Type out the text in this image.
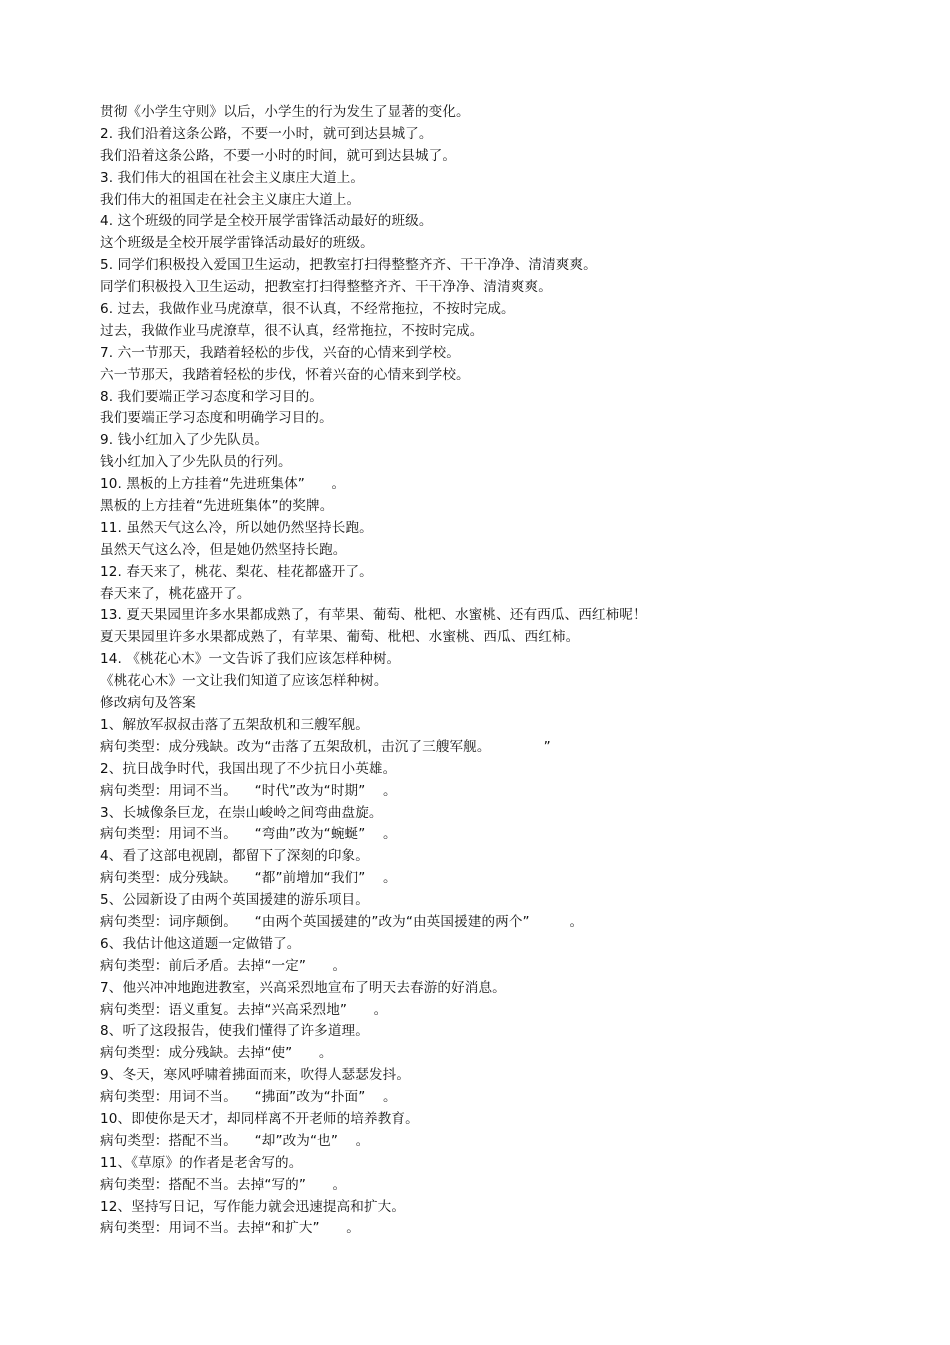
贯彻《小学生守则》以后，小学生的行为发生了显著的变化。
2. 我们沿着这条公路，不要一小时，就可到达县城了。
我们沿着这条公路，不要一小时的时间，就可到达县城了。
3. 我们伟大的祖国在社会主义康庄大道上。
我们伟大的祖国走在社会主义康庄大道上。
4. 这个班级的同学是全校开展学雷锋活动最好的班级。
这个班级是全校开展学雷锋活动最好的班级。
5. 同学们积极投入爱国卫生运动，把教室打扫得整整齐齐、干干净净、清清爽爽。
同学们积极投入卫生运动，把教室打扫得整整齐齐、干干净净、清清爽爽。
6. 过去，我做作业马虎潦草，很不认真，不经常拖拉，不按时完成。
过去，我做作业马虎潦草，很不认真，经常拖拉，不按时完成。
7. 六一节那天，我踏着轻松的步伐，兴奋的心情来到学校。
六一节那天，我踏着轻松的步伐，怀着兴奋的心情来到学校。
8. 我们要端正学习态度和学习目的。
我们要端正学习态度和明确学习目的。
9. 钱小红加入了少先队员。
钱小红加入了少先队员的行列。
10. 黑板的上方挂着“先进班集体”      。
黑板的上方挂着“先进班集体”的奖牌。
11. 虽然天气这么冷，所以她仍然坚持长跑。
虽然天气这么冷，但是她仍然坚持长跑。
12. 春天来了，桃花、梨花、桂花都盛开了。
春天来了，桃花盛开了。
13. 夏天果园里许多水果都成熟了，有苹果、葡萄、枇杷、水蜜桃、还有西瓜、西红柿呢！
夏天果园里许多水果都成熟了，有苹果、葡萄、枇杷、水蜜桃、西瓜、西红柿。
14. 《桃花心木》一文告诉了我们应该怎样种树。
《桃花心木》一文让我们知道了应该怎样种树。
修改病句及答案
1、解放军叔叔击落了五架敌机和三艘军舰。
病句类型：成分残缺。改为“击落了五架敌机，击沉了三艘军舰。            ”
2、抗日战争时代，我国出现了不少抗日小英雄。
病句类型：用词不当。    “时代”改为“时期”    。
3、长城像条巨龙，在崇山峻岭之间弯曲盘旋。
病句类型：用词不当。    “弯曲”改为“蜿蜒”    。
4、看了这部电视剧，都留下了深刻的印象。
病句类型：成分残缺。    “都”前增加“我们”    。
5、公园新设了由两个英国援建的游乐项目。
病句类型：词序颠倒。    “由两个英国援建的”改为“由英国援建的两个”         。
6、我估计他这道题一定做错了。
病句类型：前后矛盾。去掉“一定”      。
7、他兴冲冲地跑进教室，兴高采烈地宣布了明天去春游的好消息。
病句类型：语义重复。去掉“兴高采烈地”      。
8、听了这段报告，使我们懂得了许多道理。
病句类型：成分残缺。去掉“使”      。
9、冬天，寒风呼啸着拂面而来，吹得人瑟瑟发抖。
病句类型：用词不当。    “拂面”改为“扑面”    。
10、即使你是天才，却同样离不开老师的培养教育。
病句类型：搭配不当。    “却”改为“也”    。
11、《草原》的作者是老舍写的。
病句类型：搭配不当。去掉“写的”      。
12、坚持写日记，写作能力就会迅速提高和扩大。
病句类型：用词不当。去掉“和扩大”      。
